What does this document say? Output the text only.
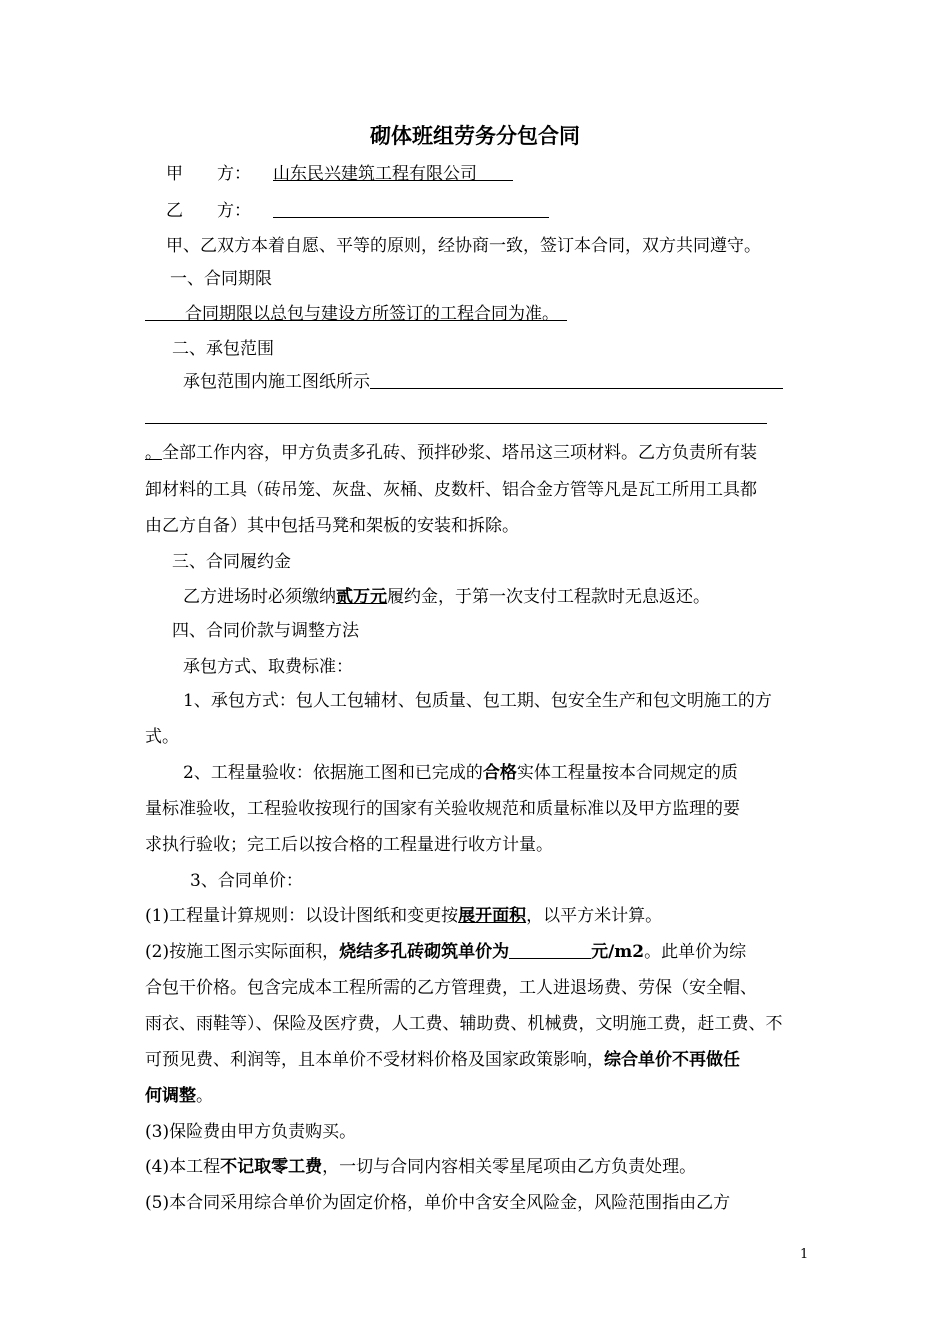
砌体班组劳务分包合同
甲　　方： 山东民兴建筑工程有限公司
乙　　方：
甲、乙双方本着自愿、平等的原则，经协商一致，签订本合同，双方共同遵守。
一、合同期限
合同期限以总包与建设方所签订的工程合同为准。
二、承包范围
承包范围内施工图纸所示
。全部工作内容，甲方负责多孔砖、预拌砂浆、塔吊这三项材料。乙方负责所有装
卸材料的工具（砖吊笼、灰盘、灰桶、皮数杆、铝合金方管等凡是瓦工所用工具都
由乙方自备）其中包括马凳和架板的安装和拆除。
三、合同履约金
乙方进场时必须缴纳贰万元履约金，于第一次支付工程款时无息返还。
四、合同价款与调整方法
承包方式、取费标准：
1、承包方式：包人工包辅材、包质量、包工期、包安全生产和包文明施工的方
式。
2、工程量验收：依据施工图和已完成的合格实体工程量按本合同规定的质
量标准验收，工程验收按现行的国家有关验收规范和质量标准以及甲方监理的要
求执行验收；完工后以按合格的工程量进行收方计量。
3、合同单价：
(1)工程量计算规则：以设计图纸和变更按展开面积，以平方米计算。
(2)按施工图示实际面积，烧结多孔砖砌筑单价为	元/m2。此单价为综
合包干价格。包含完成本工程所需的乙方管理费，工人进退场费、劳保（安全帽、
雨衣、雨鞋等）、保险及医疗费，人工费、辅助费、机械费，文明施工费，赶工费、不
可预见费、利润等，且本单价不受材料价格及国家政策影响，综合单价不再做任
何调整。
(3)保险费由甲方负责购买。
(4)本工程不记取零工费，一切与合同内容相关零星尾项由乙方负责处理。
(5)本合同采用综合单价为固定价格，单价中含安全风险金，风险范围指由乙方
1
